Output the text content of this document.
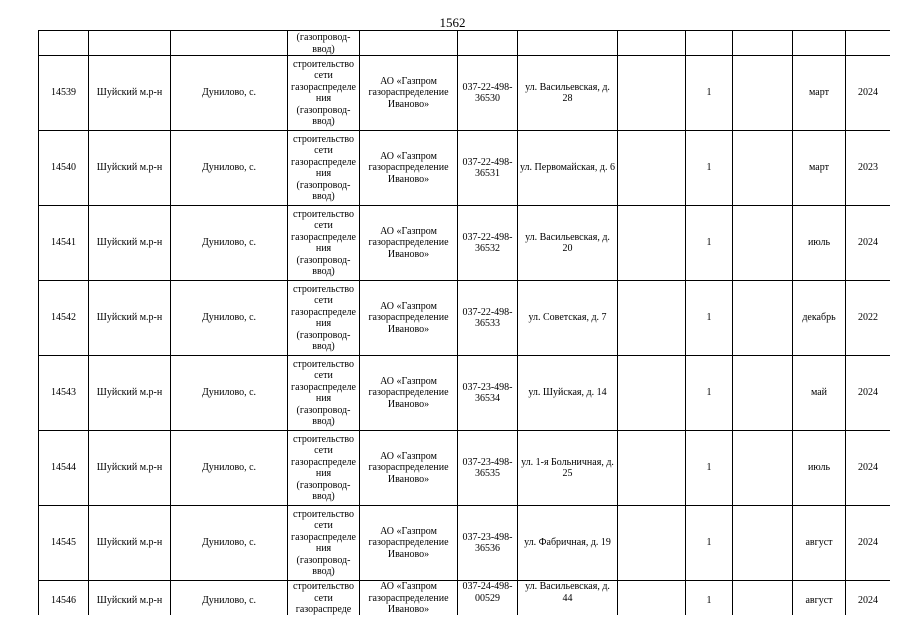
1562
			(газопровод-ввод)								
14539	Шуйский м.р-н	Дунилово, с.	строительство сети газораспределения (газопровод-ввод)	АО «Газпром газораспределение Иваново»	037-22-498-36530	ул. Васильевская, д. 28		1		март	2024
14540	Шуйский м.р-н	Дунилово, с.	строительство сети газораспределения (газопровод-ввод)	АО «Газпром газораспределение Иваново»	037-22-498-36531	ул. Первомайская, д. 6		1		март	2023
14541	Шуйский м.р-н	Дунилово, с.	строительство сети газораспределения (газопровод-ввод)	АО «Газпром газораспределение Иваново»	037-22-498-36532	ул. Васильевская, д. 20		1		июль	2024
14542	Шуйский м.р-н	Дунилово, с.	строительство сети газораспределения (газопровод-ввод)	АО «Газпром газораспределение Иваново»	037-22-498-36533	ул. Советская, д. 7		1		декабрь	2022
14543	Шуйский м.р-н	Дунилово, с.	строительство сети газораспределения (газопровод-ввод)	АО «Газпром газораспределение Иваново»	037-23-498-36534	ул. Шуйская, д. 14		1		май	2024
14544	Шуйский м.р-н	Дунилово, с.	строительство сети газораспределения (газопровод-ввод)	АО «Газпром газораспределение Иваново»	037-23-498-36535	ул. 1-я Больничная, д. 25		1		июль	2024
14545	Шуйский м.р-н	Дунилово, с.	строительство сети газораспределения (газопровод-ввод)	АО «Газпром газораспределение Иваново»	037-23-498-36536	ул. Фабричная, д. 19		1		август	2024
14546	Шуйский м.р-н	Дунилово, с.	строительство сети газораспреде	АО «Газпром газораспределение Иваново»	037-24-498-00529	ул. Васильевская, д. 44		1		август	2024
